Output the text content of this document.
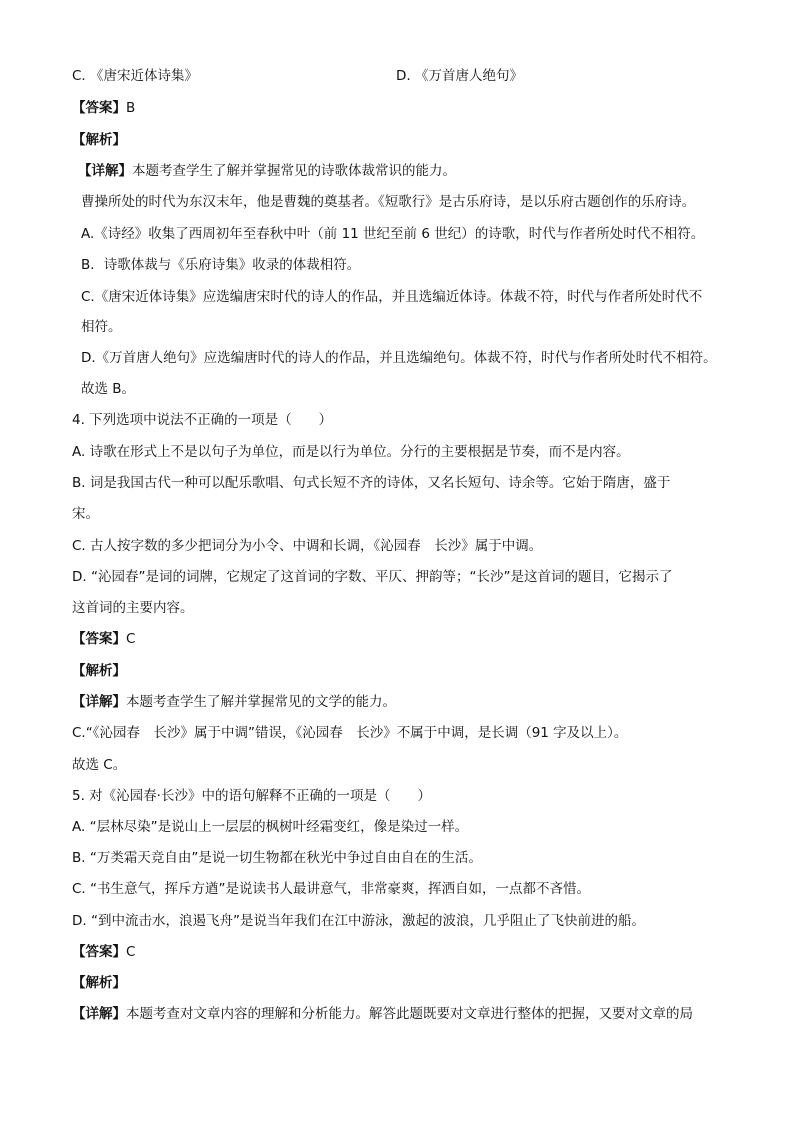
C. 《唐宋近体诗集》	D. 《万首唐人绝句》
【答案】B
【解析】
【详解】本题考查学生了解并掌握常见的诗歌体裁常识的能力。
曹操所处的时代为东汉末年，他是曹魏的奠基者。《短歌行》是古乐府诗，是以乐府古题创作的乐府诗。
A.《诗经》收集了西周初年至春秋中叶（前 11 世纪至前 6 世纪）的诗歌，时代与作者所处时代不相符。
B．诗歌体裁与《乐府诗集》收录的体裁相符。
C.《唐宋近体诗集》应选编唐宋时代的诗人的作品，并且选编近体诗。体裁不符，时代与作者所处时代不
相符。
D.《万首唐人绝句》应选编唐时代的诗人的作品，并且选编绝句。体裁不符，时代与作者所处时代不相符。
故选 B。
4. 下列选项中说法不正确的一项是（　　）
A. 诗歌在形式上不是以句子为单位，而是以行为单位。分行的主要根据是节奏，而不是内容。
B. 词是我国古代一种可以配乐歌唱、句式长短不齐的诗体，又名长短句、诗余等。它始于隋唐，盛于
宋。
C. 古人按字数的多少把词分为小令、中调和长调，《沁园春　长沙》属于中调。
D. “沁园春”是词的词牌，它规定了这首词的字数、平仄、押韵等；“长沙”是这首词的题目，它揭示了
这首词的主要内容。
【答案】C
【解析】
【详解】本题考查学生了解并掌握常见的文学的能力。
C.“《沁园春　长沙》属于中调”错误，《沁园春　长沙》不属于中调，是长调（91 字及以上）。
故选 C。
5. 对《沁园春·长沙》中的语句解释不正确的一项是（　　）
A. “层林尽染”是说山上一层层的枫树叶经霜变红，像是染过一样。
B. “万类霜天竞自由”是说一切生物都在秋光中争过自由自在的生活。
C. “书生意气，挥斥方遒”是说读书人最讲意气，非常豪爽，挥洒自如，一点都不吝惜。
D. “到中流击水，浪遏飞舟”是说当年我们在江中游泳，激起的波浪，几乎阻止了飞快前进的船。
【答案】C
【解析】
【详解】本题考查对文章内容的理解和分析能力。解答此题既要对文章进行整体的把握，又要对文章的局
